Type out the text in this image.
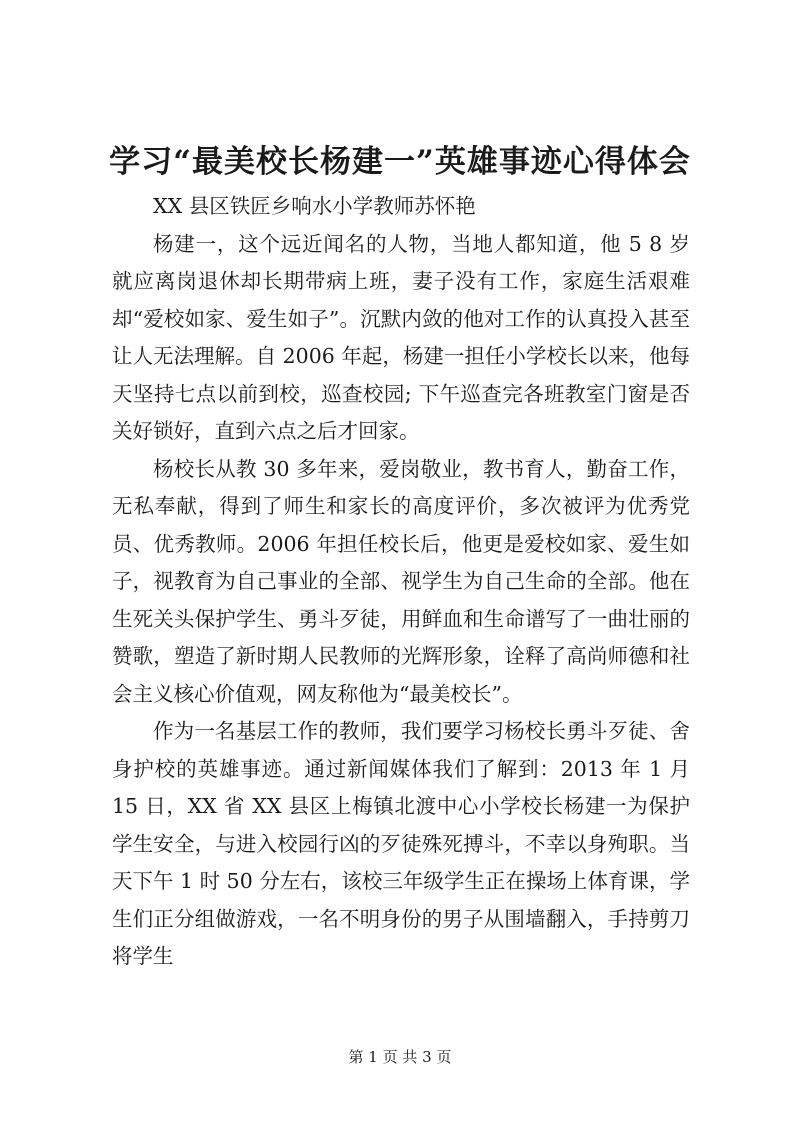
学习“最美校长杨建一”英雄事迹心得体会

XX 县区铁匠乡响水小学教师苏怀艳

杨建一，这个远近闻名的人物，当地人都知道，他 5 8 岁就应离岗退休却长期带病上班，妻子没有工作，家庭生活艰难却“爱校如家、爱生如子”。沉默内敛的他对工作的认真投入甚至让人无法理解。自 2006 年起，杨建一担任小学校长以来，他每天坚持七点以前到校，巡查校园; 下午巡查完各班教室门窗是否关好锁好，直到六点之后才回家。

杨校长从教 30 多年来，爱岗敬业，教书育人，勤奋工作，无私奉献，得到了师生和家长的高度评价，多次被评为优秀党员、优秀教师。2006 年担任校长后，他更是爱校如家、爱生如子，视教育为自己事业的全部、视学生为自己生命的全部。他在生死关头保护学生、勇斗歹徒，用鲜血和生命谱写了一曲壮丽的赞歌，塑造了新时期人民教师的光辉形象，诠释了高尚师德和社会主义核心价值观，网友称他为“最美校长”。

作为一名基层工作的教师，我们要学习杨校长勇斗歹徒、舍身护校的英雄事迹。通过新闻媒体我们了解到：2013 年 1 月 15 日，XX 省 XX 县区上梅镇北渡中心小学校长杨建一为保护学生安全，与进入校园行凶的歹徒殊死搏斗，不幸以身殉职。当天下午 1 时 50 分左右，该校三年级学生正在操场上体育课，学生们正分组做游戏，一名不明身份的男子从围墙翻入，手持剪刀将学生

第 1 页 共 3 页
